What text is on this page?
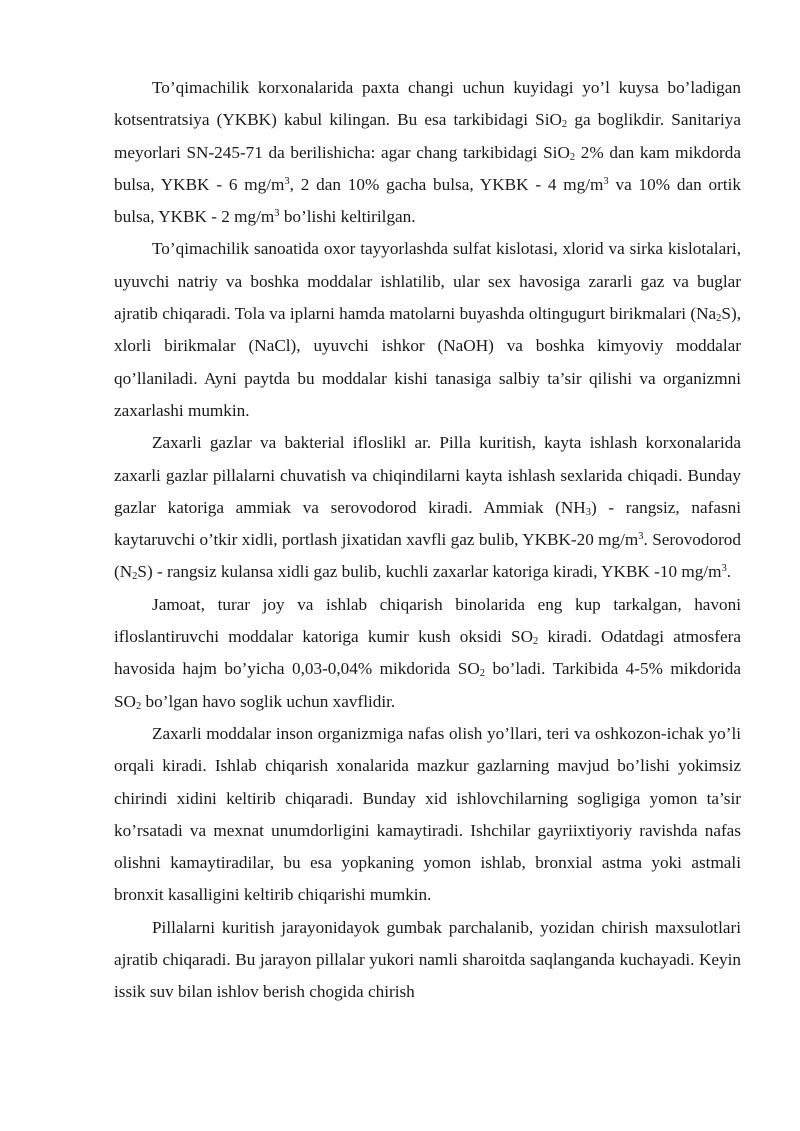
To’qimachilik korxonalarida paxta changi uchun kuyidagi yo’l kuysa bo’ladigan kotsentratsiya (YKBK) kabul kilingan. Bu esa tarkibidagi SiO$_2$ ga boglikdir. Sanitariya meyorlari SN-245-71 da berilishicha: agar chang tarkibidagi SiO$_2$ 2% dan kam mikdorda bulsa, YKBK - 6 $mg/m^3$, 2 dan 10% gacha bulsa, YKBK - 4 $mg/m^3$ va 10% dan ortik bulsa, YKBK - 2 $mg/m^3$ bo’lishi keltirilgan.

To’qimachilik sanoatida oxor tayyorlashda sulfat kislotasi, xlorid va sirka kislotalari, uyuvchi natriy va boshka moddalar ishlatilib, ular sex havosiga zararli gaz va buglar ajratib chiqaradi. Tola va iplarni hamda matolarni buyashda oltingugurt birikmalari $(Na_2S)$, xlorli birikmalar (NaCl), uyuvchi ishkor (NaOH) va boshka kimyoviy moddalar qo’llaniladi. Ayni paytda bu moddalar kishi tanasiga salbiy ta’sir qilishi va organizmni zaxarlashi mumkin.

Zaxarli gazlar va bakterial ifloslikl ar. Pilla kuritish, kayta ishlash korxonalarida zaxarli gazlar pillalarni chuvatish va chiqindilarni kayta ishlash sexlarida chiqadi. Bunday gazlar katoriga ammiak va serovodorod kiradi. Ammiak $(NH_3)$ - rangsiz, nafasni kaytaruvchi o’tkir xidli, portlash jixatidan xavfli gaz bulib, YKBK-20 $mg/m^3$. Serovodorod $(N_2S)$ - rangsiz kulansa xidli gaz bulib, kuchli zaxarlar katoriga kiradi, YKBK -10 $mg/m^3$.

Jamoat, turar joy va ishlab chiqarish binolarida eng kup tarkalgan, havoni ifloslantiruvchi moddalar katoriga kumir kush oksidi $SO_2$ kiradi. Odatdagi atmosfera havosida hajm bo’yicha 0,03-0,04% mikdorida $SO_2$ bo’ladi. Tarkibida 4-5% mikdorida $SO_2$ bo’lgan havo soglik uchun xavflidir.

Zaxarli moddalar inson organizmiga nafas olish yo’llari, teri va oshkozon-ichak yo’li orqali kiradi. Ishlab chiqarish xonalarida mazkur gazlarning mavjud bo’lishi yokimsiz chirindi xidini keltirib chiqaradi. Bunday xid ishlovchilarning sogligiga yomon ta’sir ko’rsatadi va mexnat unumdorligini kamaytiradi. Ishchilar gayriixtiyoriy ravishda nafas olishni kamaytiradilar, bu esa yopkaning yomon ishlab, bronxial astma yoki astmali bronxit kasalligini keltirib chiqarishi mumkin.

Pillalarni kuritish jarayonidayok gumbak parchalanib, yozidan chirish maxsulotlari ajratib chiqaradi. Bu jarayon pillalar yukori namli sharoitda saqlanganda kuchayadi. Keyin issik suv bilan ishlov berish chogida chirish
